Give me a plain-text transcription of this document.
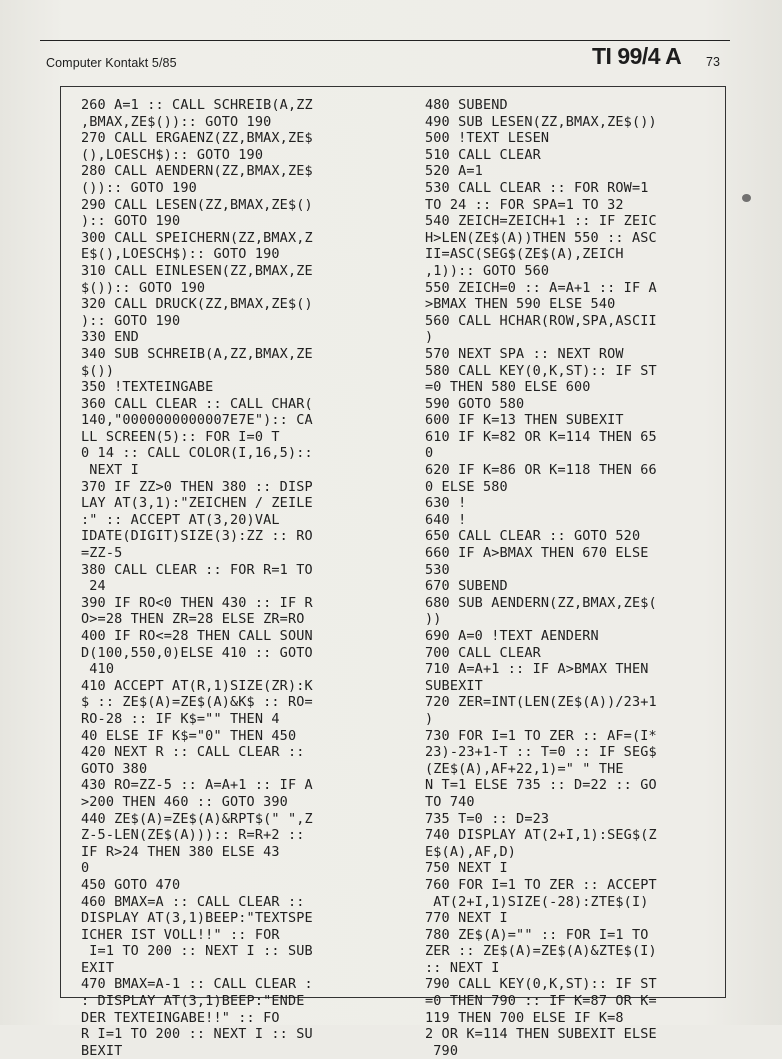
Computer Kontakt 5/85	TI 99/4 A 73
260 A=1 :: CALL SCHREIB(A,ZZ
,BMAX,ZE$()):: GOTO 190
270 CALL ERGAENZ(ZZ,BMAX,ZE$
(),LOESCH$):: GOTO 190
280 CALL AENDERN(ZZ,BMAX,ZE$
()):: GOTO 190
290 CALL LESEN(ZZ,BMAX,ZE$()
):: GOTO 190
300 CALL SPEICHERN(ZZ,BMAX,Z
E$(),LOESCH$):: GOTO 190
310 CALL EINLESEN(ZZ,BMAX,ZE
$()):: GOTO 190
320 CALL DRUCK(ZZ,BMAX,ZE$()
):: GOTO 190
330 END
340 SUB SCHREIB(A,ZZ,BMAX,ZE
$())
350 !TEXTEINGABE
360 CALL CLEAR :: CALL CHAR(
140,"0000000000007E7E"):: CA
LL SCREEN(5):: FOR I=0 T
0 14 :: CALL COLOR(I,16,5)::
NEXT I
370 IF ZZ>0 THEN 380 :: DISP
LAY AT(3,1):"ZEICHEN / ZEILE
:" :: ACCEPT AT(3,20)VAL
IDATE(DIGIT)SIZE(3):ZZ :: RO
=ZZ-5
380 CALL CLEAR :: FOR R=1 TO
24
390 IF RO<0 THEN 430 :: IF R
O>=28 THEN ZR=28 ELSE ZR=RO
400 IF RO<=28 THEN CALL SOUN
D(100,550,0)ELSE 410 :: GOTO
410
410 ACCEPT AT(R,1)SIZE(ZR):K
$ :: ZE$(A)=ZE$(A)&K$ :: RO=
RO-28 :: IF K$="" THEN 4
40 ELSE IF K$="0" THEN 450
420 NEXT R :: CALL CLEAR ::
GOTO 380
430 RO=ZZ-5 :: A=A+1 :: IF A
>200 THEN 460 :: GOTO 390
440 ZE$(A)=ZE$(A)&RPT$(" ",Z
Z-5-LEN(ZE$(A))):: R=R+2 ::
IF R>24 THEN 380 ELSE 43
0
450 GOTO 470
460 BMAX=A :: CALL CLEAR ::
DISPLAY AT(3,1)BEEP:"TEXTSPE
ICHER IST VOLL!!" :: FOR
I=1 TO 200 :: NEXT I :: SUB
EXIT
470 BMAX=A-1 :: CALL CLEAR :
: DISPLAY AT(3,1)BEEP:"ENDE
DER TEXTEINGABE!!" :: FO
R I=1 TO 200 :: NEXT I :: SU
BEXIT
480 SUBEND
490 SUB LESEN(ZZ,BMAX,ZE$())
500 !TEXT LESEN
510 CALL CLEAR
520 A=1
530 CALL CLEAR :: FOR ROW=1
TO 24 :: FOR SPA=1 TO 32
540 ZEICH=ZEICH+1 :: IF ZEIC
H>LEN(ZE$(A))THEN 550 :: ASC
II=ASC(SEG$(ZE$(A),ZEICH
,1)):: GOTO 560
550 ZEICH=0 :: A=A+1 :: IF A
>BMAX THEN 590 ELSE 540
560 CALL HCHAR(ROW,SPA,ASCII
)
570 NEXT SPA :: NEXT ROW
580 CALL KEY(0,K,ST):: IF ST
=0 THEN 580 ELSE 600
590 GOTO 580
600 IF K=13 THEN SUBEXIT
610 IF K=82 OR K=114 THEN 65
0
620 IF K=86 OR K=118 THEN 66
0 ELSE 580
630 !
640 !
650 CALL CLEAR :: GOTO 520
660 IF A>BMAX THEN 670 ELSE
530
670 SUBEND
680 SUB AENDERN(ZZ,BMAX,ZE$(
))
690 A=0 !TEXT AENDERN
700 CALL CLEAR
710 A=A+1 :: IF A>BMAX THEN
SUBEXIT
720 ZER=INT(LEN(ZE$(A))/23+1
)
730 FOR I=1 TO ZER :: AF=(I*
23)-23+1-T :: T=0 :: IF SEG$
(ZE$(A),AF+22,1)=" " THE
N T=1 ELSE 735 :: D=22 :: GO
TO 740
735 T=0 :: D=23
740 DISPLAY AT(2+I,1):SEG$(Z
E$(A),AF,D)
750 NEXT I
760 FOR I=1 TO ZER :: ACCEPT
AT(2+I,1)SIZE(-28):ZTE$(I)
770 NEXT I
780 ZE$(A)="" :: FOR I=1 TO
ZER :: ZE$(A)=ZE$(A)&ZTE$(I)
:: NEXT I
790 CALL KEY(0,K,ST):: IF ST
=0 THEN 790 :: IF K=87 OR K=
119 THEN 700 ELSE IF K=8
2 OR K=114 THEN SUBEXIT ELSE
790
